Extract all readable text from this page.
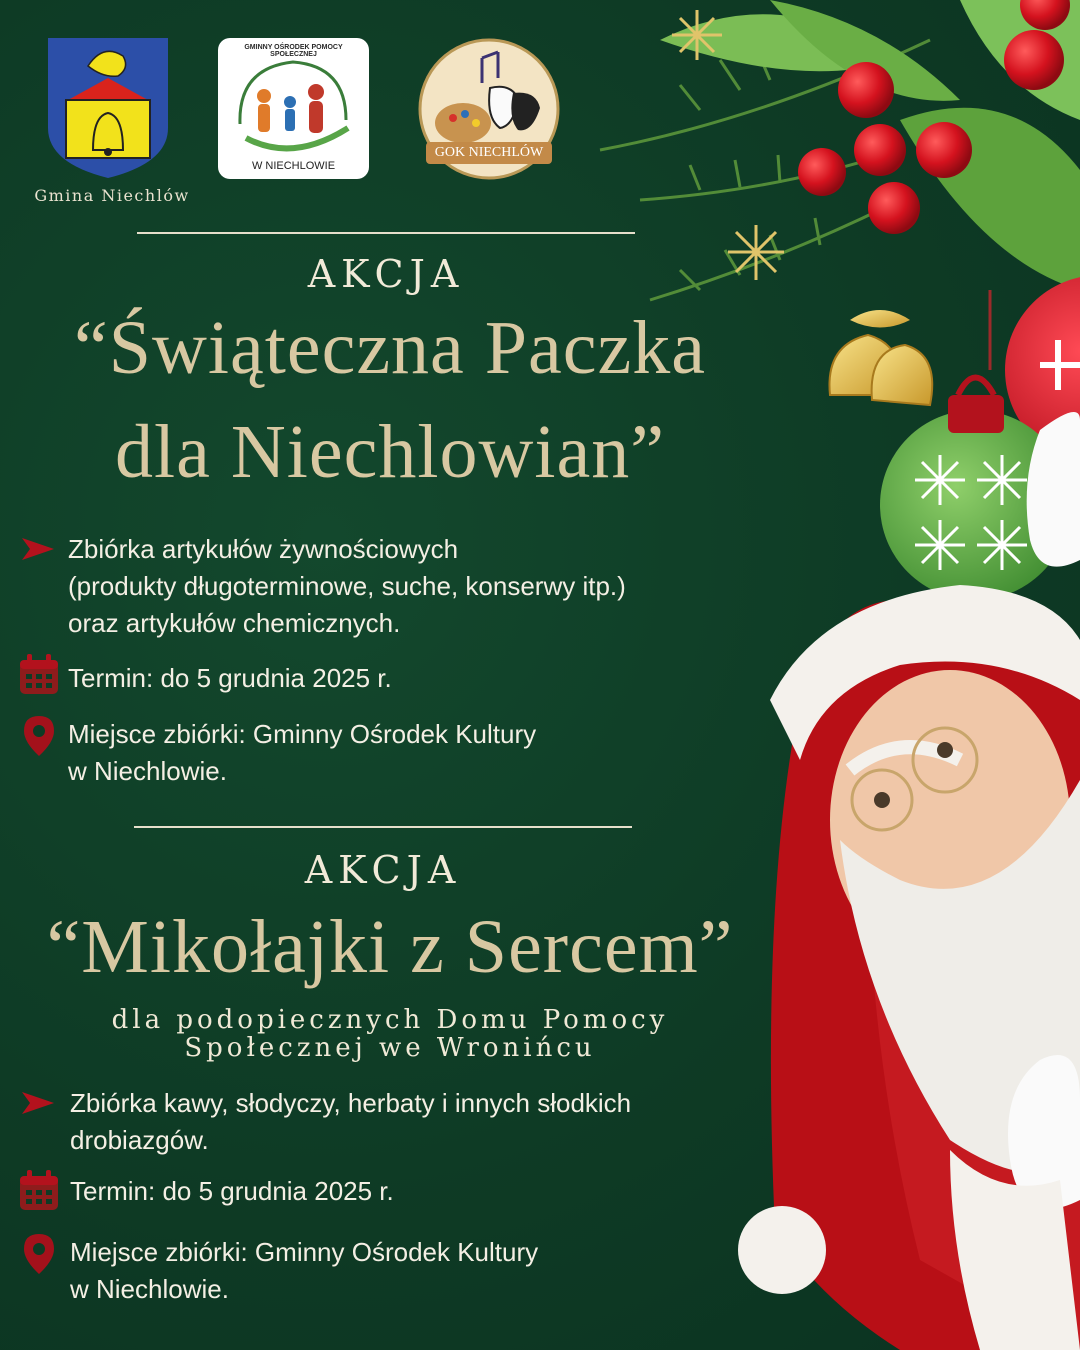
Gmina Niechlów
GMINNY OŚRODEK POMOCY SPOŁECZNEJ
W NIECHLOWIE
GOK NIECHLÓW
AKCJA
“Świąteczna Paczka
dla Niechlowian”
Zbiórka artykułów żywnościowych
(produkty długoterminowe, suche, konserwy itp.)
oraz artykułów chemicznych.
Termin: do 5 grudnia 2025 r.
Miejsce zbiórki: Gminny Ośrodek Kultury
w Niechlowie.
AKCJA
“Mikołajki z Sercem”
dla podopiecznych Domu Pomocy
Społecznej we Wronińcu
Zbiórka kawy, słodyczy, herbaty i innych słodkich
drobiazgów.
Termin: do 5 grudnia 2025 r.
Miejsce zbiórki: Gminny Ośrodek Kultury
w Niechlowie.
